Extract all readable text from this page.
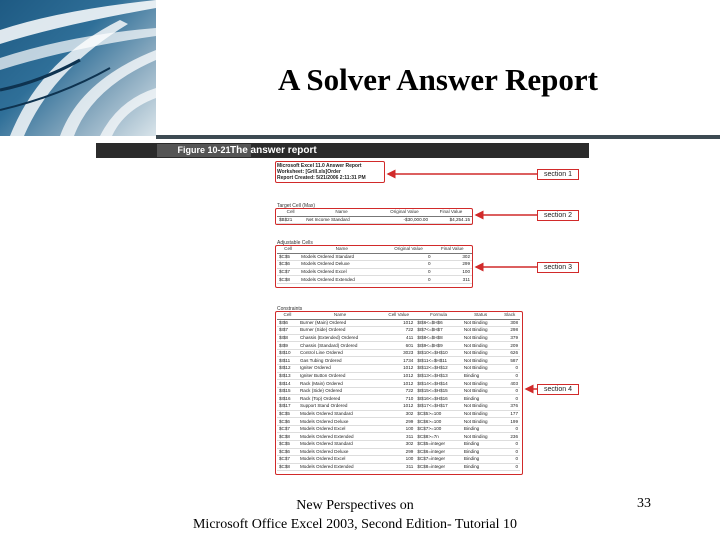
A Solver Answer Report
Figure 10-21 The answer report
Microsoft Excel 11.0 Answer Report
Worksheet: [Grill.xls]Order
Report Created: 5/21/2006 2:11:31 PM
Target Cell (Max)
Cell	Name	Original Value	Final Value
$B$21	Net Income Standard	-$30,000.00	$4,254.15
Adjustable Cells
Cell	Name	Original Value	Final Value
$C$5	Models Ordered Standard	0	302
$C$6	Models Ordered Deluxe	0	299
$C$7	Models Ordered Excel	0	100
$C$8	Models Ordered Extended	0	311
Constraints
Cell	Name	Cell Value	Formula	Status	Slack
$I$6	Burner (Main) Ordered	1012	$I$6<=$H$6	Not Binding	308
$I$7	Burner (Side) Ordered	722	$I$7<=$H$7	Not Binding	298
$I$8	Chassis (Extended) Ordered	411	$I$8<=$H$8	Not Binding	379
$I$9	Chassis (Standard) Ordered	601	$I$9<=$H$9	Not Binding	209
$I$10	Control Line Ordered	3023	$I$10<=$H$10	Not Binding	626
$I$11	Gas Tubing Ordered	1734	$I$11<=$H$11	Not Binding	587
$I$12	Igniter Ordered	1012	$I$12<=$H$12	Not Binding	0
$I$13	Igniter Button Ordered	1012	$I$13<=$H$13	Binding	0
$I$14	Rack (Main) Ordered	1012	$I$14<=$H$14	Not Binding	403
$I$15	Rack (Side) Ordered	722	$I$15<=$H$15	Not Binding	0
$I$16	Rack (Top) Ordered	710	$I$16<=$H$16	Binding	0
$I$17	Support Stand Ordered	1012	$I$17<=$H$17	Not Binding	376
$C$5	Models Ordered Standard	302	$C$5>=100	Not Binding	177
$C$6	Models Ordered Deluxe	299	$C$6>=100	Not Binding	199
$C$7	Models Ordered Excel	100	$C$7>=100	Binding	0
$C$8	Models Ordered Extended	311	$C$8>=7n	Not Binding	236
$C$5	Models Ordered Standard	302	$C$5=integer	Binding	0
$C$6	Models Ordered Deluxe	299	$C$6=integer	Binding	0
$C$7	Models Ordered Excel	100	$C$7=integer	Binding	0
$C$8	Models Ordered Extended	311	$C$8=integer	Binding	0
section 1
section 2
section 3
section 4
New Perspectives on
Microsoft Office Excel 2003, Second Edition- Tutorial 10
33
